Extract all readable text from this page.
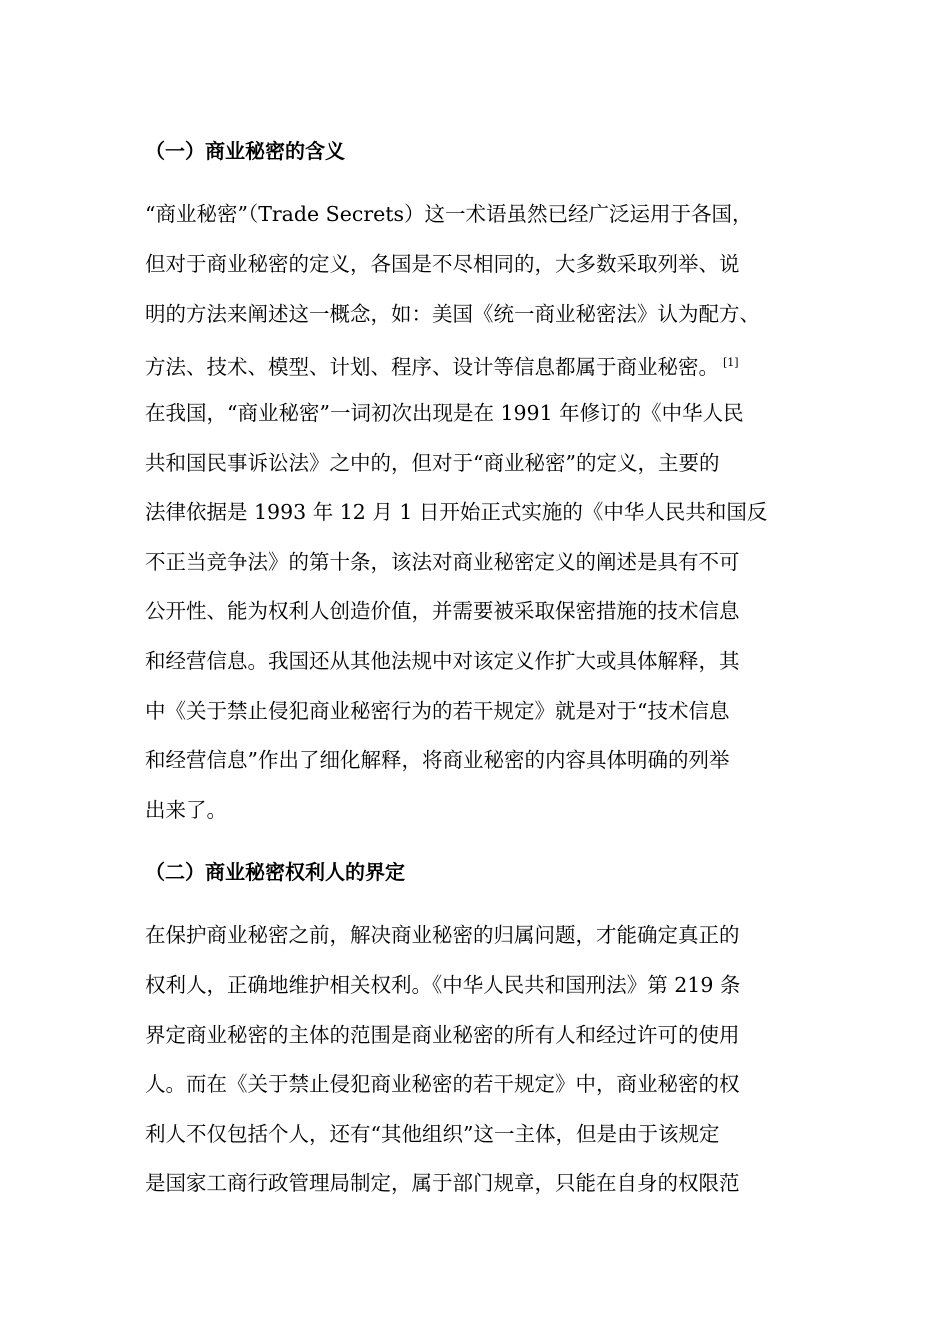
（一）商业秘密的含义
“商业秘密”（Trade Secrets）这一术语虽然已经广泛运用于各国，
但对于商业秘密的定义，各国是不尽相同的，大多数采取列举、说
明的方法来阐述这一概念，如：美国《统一商业秘密法》认为配方、
方法、技术、模型、计划、程序、设计等信息都属于商业秘密。 [1]
在我国，“商业秘密”一词初次出现是在 1991 年修订的《中华人民
共和国民事诉讼法》之中的，但对于“商业秘密”的定义，主要的
法律依据是 1993 年 12 月 1 日开始正式实施的《中华人民共和国反
不正当竞争法》的第十条，该法对商业秘密定义的阐述是具有不可
公开性、能为权利人创造价值，并需要被采取保密措施的技术信息
和经营信息。我国还从其他法规中对该定义作扩大或具体解释，其
中《关于禁止侵犯商业秘密行为的若干规定》就是对于“技术信息
和经营信息”作出了细化解释，将商业秘密的内容具体明确的列举
出来了。
（二）商业秘密权利人的界定
在保护商业秘密之前，解决商业秘密的归属问题，才能确定真正的
权利人，正确地维护相关权利。《中华人民共和国刑法》第 219 条
界定商业秘密的主体的范围是商业秘密的所有人和经过许可的使用
人。而在《关于禁止侵犯商业秘密的若干规定》中，商业秘密的权
利人不仅包括个人，还有“其他组织”这一主体，但是由于该规定
是国家工商行政管理局制定，属于部门规章，只能在自身的权限范
